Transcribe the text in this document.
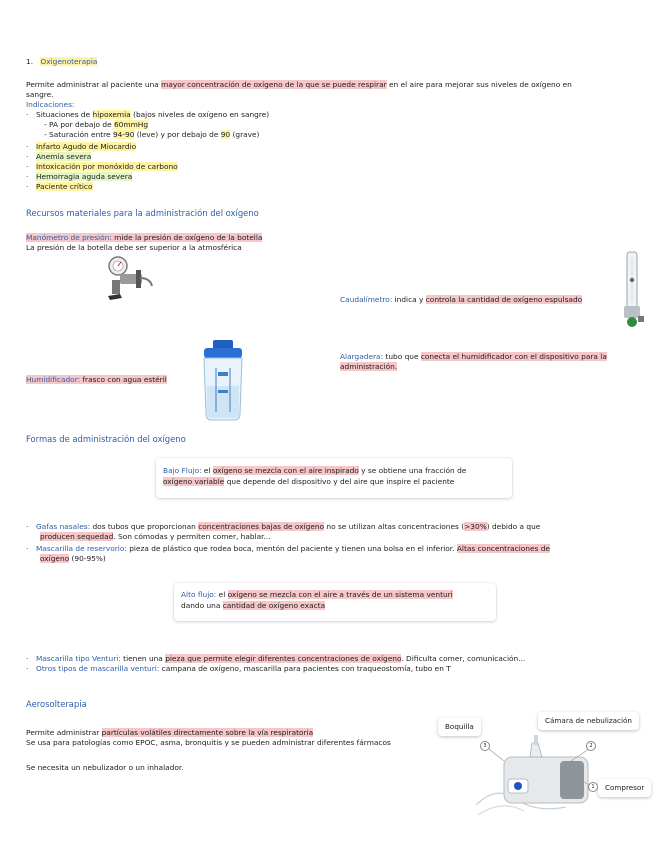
1. Oxigenoterapia
Permite administrar al paciente una mayor concentración de oxígeno de la que se puede respirar en el aire para mejorar sus niveles de oxígeno en
sangre.
Indicaciones:
· Situaciones de hipoxemia (bajos niveles de oxígeno en sangre)
- PA por debajo de 60mmHg
- Saturación entre 94-90 (leve) y por debajo de 90 (grave)
· Infarto Agudo de Miocardio
· Anemia severa
· Intoxicación por monóxido de carbono
· Hemorragia aguda severa
· Paciente crítico
Recursos materiales para la administración del oxígeno
Manómetro de presión: mide la presión de oxígeno de la botella
La presión de la botella debe ser superior a la atmosférica
Caudalímetro: indica y controla la cantidad de oxígeno espulsado
Alargadera: tubo que conecta el humidificador con el dispositivo para la
administración.
Humidificador: frasco con agua estéril
Formas de administración del oxígeno
Bajo Flujo: el oxígeno se mezcla con el aire inspirado y se obtiene una fracción de
oxígeno variable que depende del dispositivo y del aire que inspire el paciente
· Gafas nasales: dos tubos que proporcionan concentraciones bajas de oxígeno no se utilizan altas concentraciones (>30%) debido a que
producen sequedad. Son cómodas y permiten comer, hablar...
· Mascarilla de reservorio: pieza de plástico que rodea boca, mentón del paciente y tienen una bolsa en el inferior. Altas concentraciones de
oxígeno (90-95%)
Alto flujo: el oxígeno se mezcla con el aire a través de un sistema venturi
dando una cantidad de oxígeno exacta
· Mascarilla tipo Venturi: tienen una pieza que permite elegir diferentes concentraciones de oxígeno. Dificulta comer, comunicación...
· Otros tipos de mascarilla venturi: campana de oxígeno, mascarilla para pacientes con traqueostomía, tubo en T
Aerosolterapia
Permite administrar partículas volátiles directamente sobre la vía respiratoria
Se usa para patologías como EPOC, asma, bronquitis y se pueden administrar diferentes fármacos
Se necesita un nebulizador o un inhalador.
Boquilla
Cámara de nebulización
Compresor
3	2
1
